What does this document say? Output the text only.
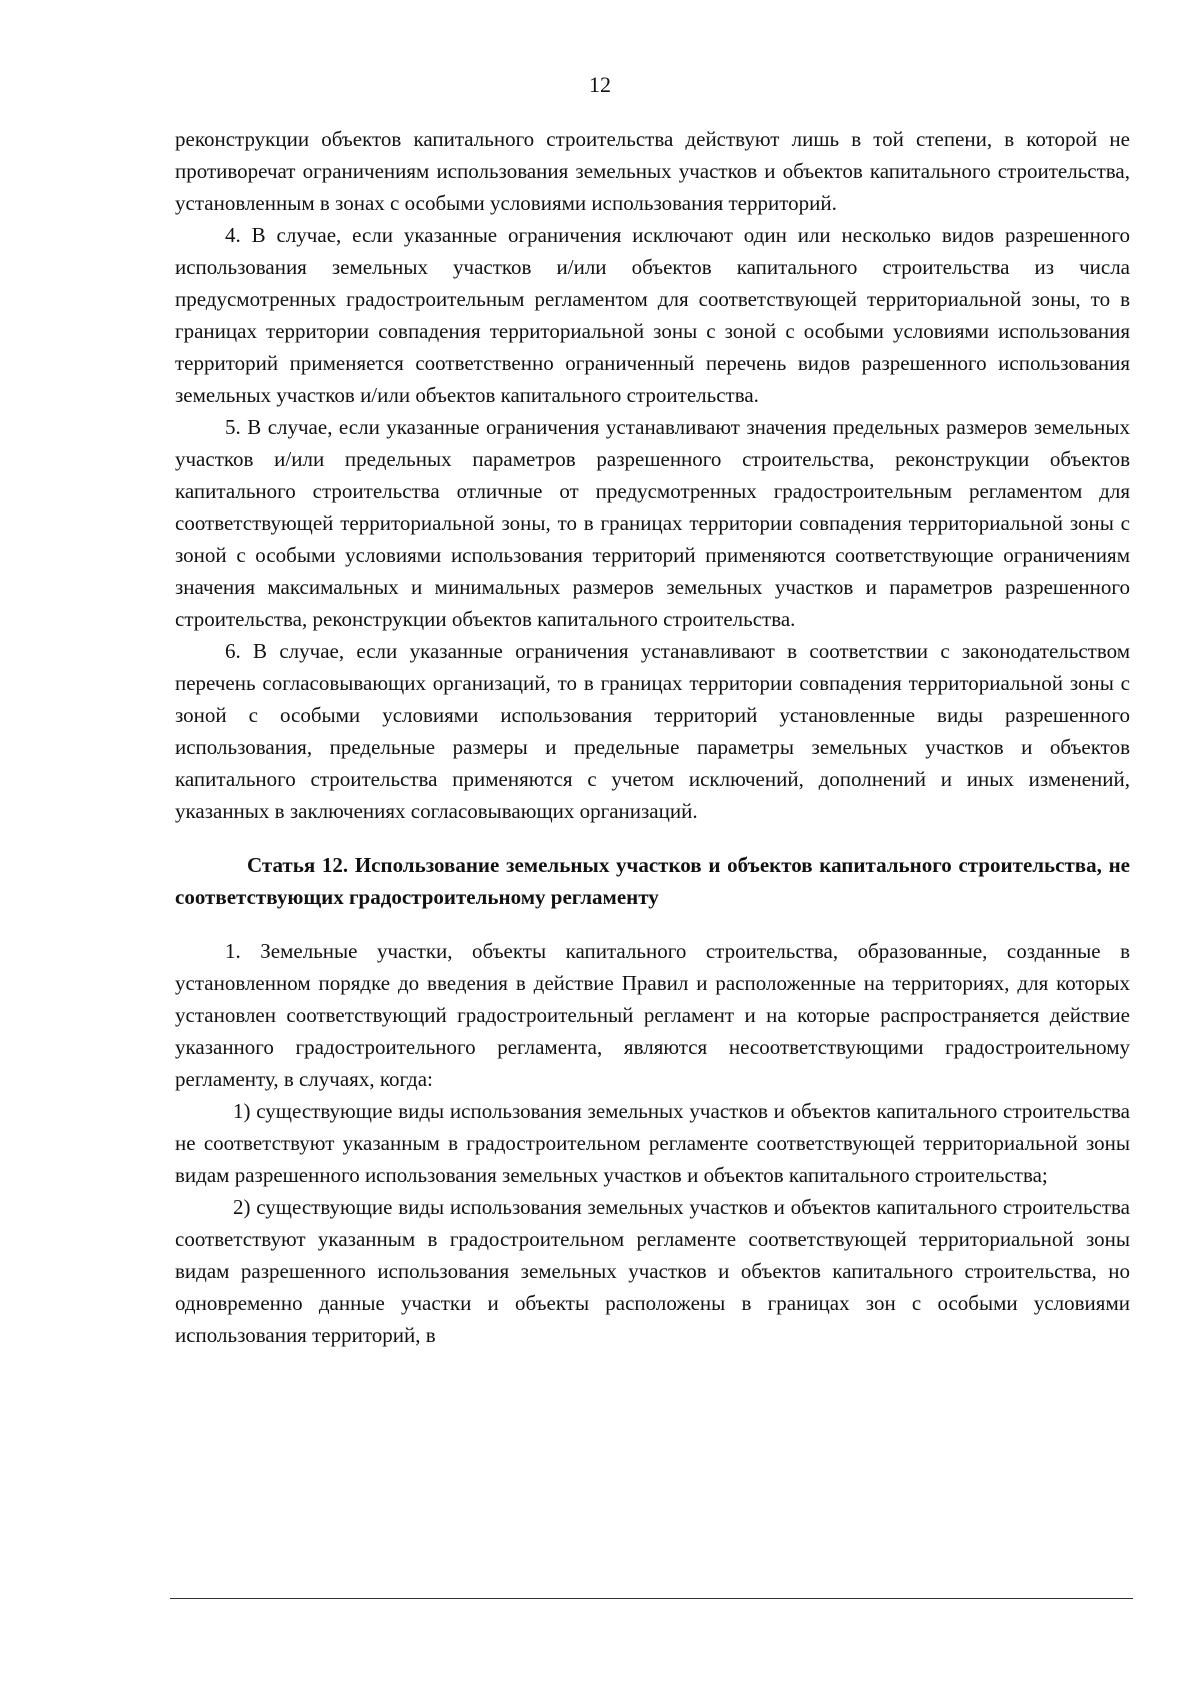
12

реконструкции объектов капитального строительства действуют лишь в той степени, в которой не противоречат ограничениям использования земельных участков и объектов капитального строительства, установленным в зонах с особыми условиями использования территорий.

4. В случае, если указанные ограничения исключают один или несколько видов разрешенного использования земельных участков и/или объектов капитального строительства из числа предусмотренных градостроительным регламентом для соответствующей территориальной зоны, то в границах территории совпадения территориальной зоны с зоной с особыми условиями использования территорий применяется соответственно ограниченный перечень видов разрешенного использования земельных участков и/или объектов капитального строительства.

5. В случае, если указанные ограничения устанавливают значения предельных размеров земельных участков и/или предельных параметров разрешенного строительства, реконструкции объектов капитального строительства отличные от предусмотренных градостроительным регламентом для соответствующей территориальной зоны, то в границах территории совпадения территориальной зоны с зоной с особыми условиями использования территорий применяются соответствующие ограничениям значения максимальных и минимальных размеров земельных участков и параметров разрешенного строительства, реконструкции объектов капитального строительства.

6. В случае, если указанные ограничения устанавливают в соответствии с законодательством перечень согласовывающих организаций, то в границах территории совпадения территориальной зоны с зоной с особыми условиями использования территорий установленные виды разрешенного использования, предельные размеры и предельные параметры земельных участков и объектов капитального строительства применяются с учетом исключений, дополнений и иных изменений, указанных в заключениях согласовывающих организаций.

Статья 12. Использование земельных участков и объектов капитального строительства, не соответствующих градостроительному регламенту

1. Земельные участки, объекты капитального строительства, образованные, созданные в установленном порядке до введения в действие Правил и расположенные на территориях, для которых установлен соответствующий градостроительный регламент и на которые распространяется действие указанного градостроительного регламента, являются несоответствующими градостроительному регламенту, в случаях, когда:

1) существующие виды использования земельных участков и объектов капитального строительства не соответствуют указанным в градостроительном регламенте соответствующей территориальной зоны видам разрешенного использования земельных участков и объектов капитального строительства;

2) существующие виды использования земельных участков и объектов капитального строительства соответствуют указанным в градостроительном регламенте соответствующей территориальной зоны видам разрешенного использования земельных участков и объектов капитального строительства, но одновременно данные участки и объекты расположены в границах зон с особыми условиями использования территорий, в
